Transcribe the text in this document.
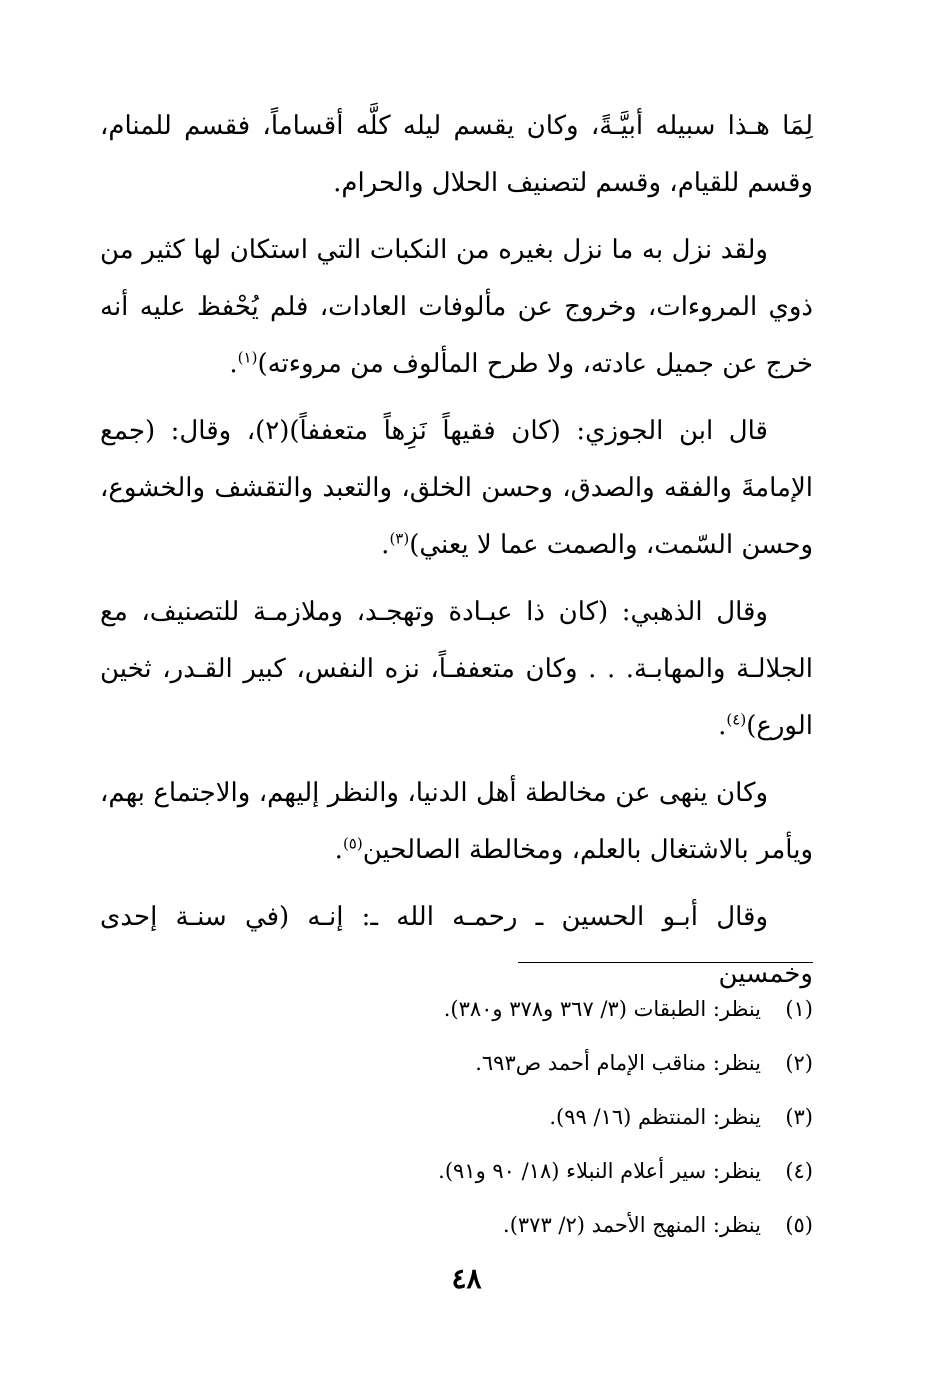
لِمَا هـذا سبيله أبيَّـةً، وكان يقسم ليله كلَّه أقساماً، فقسم للمنام، وقسم للقيام، وقسم لتصنيف الحلال والحرام.

ولقد نزل به ما نزل بغيره من النكبات التي استكان لها كثير من ذوي المروءات، وخروج عن مألوفات العادات، فلم يُحْفظ عليه أنه خرج عن جميل عادته، ولا طرح المألوف من مروءته)$^{(١)}$.

قال ابن الجوزي: (كان فقيهاً نَزِهاً متعففاً)(٢)، وقال: (جمع الإمامةَ والفقه والصدق، وحسن الخلق، والتعبد والتقشف والخشوع، وحسن السّمت، والصمت عما لا يعني)$^{(٣)}$.

وقال الذهبي: (كان ذا عبـادة وتهجـد، وملازمـة للتصنيف، مع الجلالـة والمهابـة. . . وكان متعففـاً، نزه النفس، كبير القـدر، ثخين الورع)$^{(٤)}$.

وكان ينهى عن مخالطة أهل الدنيا، والنظر إليهم، والاجتماع بهم، ويأمر بالاشتغال بالعلم، ومخالطة الصالحين$^{(٥)}$.

وقال أبـو الحسين ـ رحمـه الله ـ: إنـه (في سنـة إحدى وخمسين

(١)
ينظر: الطبقات (٣/ ٣٦٧ و٣٧٨ و٣٨٠).
(٢)
ينظر: مناقب الإمام أحمد ص٦٩٣.
(٣)
ينظر: المنتظم (١٦/ ٩٩).
(٤)
ينظر: سير أعلام النبلاء (١٨/ ٩٠ و٩١).
(٥)
ينظر: المنهج الأحمد (٢/ ٣٧٣).
٤٨
